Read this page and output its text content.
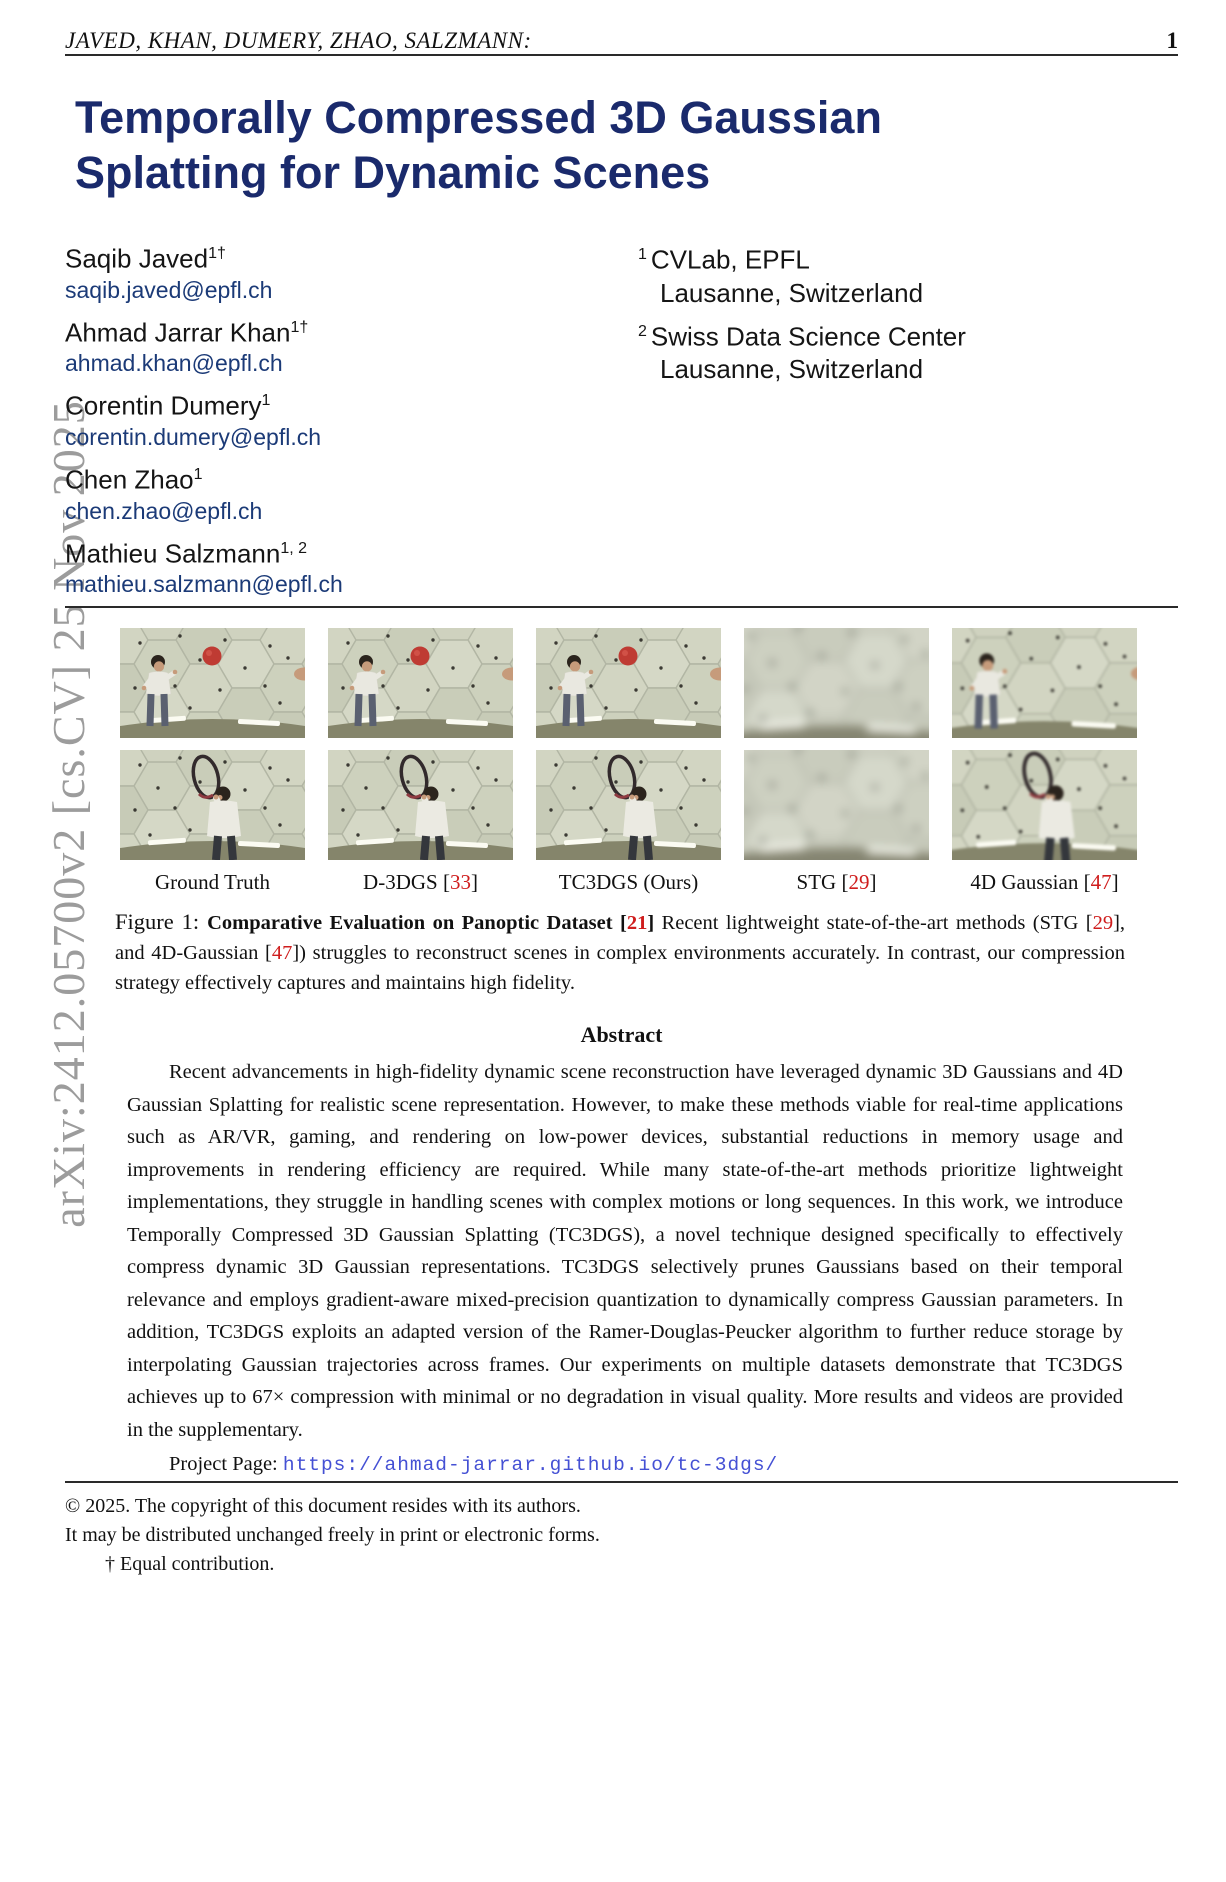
arXiv:2412.05700v2 [cs.CV] 25 Nov 2025
JAVED, KHAN, DUMERY, ZHAO, SALZMANN:	1
Temporally Compressed 3D Gaussian
Splatting for Dynamic Scenes
Saqib Javed$^{1\dagger}$
saqib.javed@epfl.ch
Ahmad Jarrar Khan$^{1\dagger}$
ahmad.khan@epfl.ch
Corentin Dumery$^1$
corentin.dumery@epfl.ch
Chen Zhao$^1$
chen.zhao@epfl.ch
Mathieu Salzmann$^{1, 2}$
mathieu.salzmann@epfl.ch
$^1$ CVLab, EPFL
Lausanne, Switzerland
$^2$ Swiss Data Science Center
Lausanne, Switzerland
Ground Truth	D-3DGS [33]	TC3DGS (Ours)	STG [29]	4D Gaussian [47]

Figure 1: Comparative Evaluation on Panoptic Dataset [21] Recent lightweight state-of-the-art methods (STG [29], and 4D-Gaussian [47]) struggles to reconstruct scenes in complex environments accurately. In contrast, our compression strategy effectively captures and maintains high fidelity.

Abstract

Recent advancements in high-fidelity dynamic scene reconstruction have leveraged dynamic 3D Gaussians and 4D Gaussian Splatting for realistic scene representation. However, to make these methods viable for real-time applications such as AR/VR, gaming, and rendering on low-power devices, substantial reductions in memory usage and improvements in rendering efficiency are required. While many state-of-the-art methods prioritize lightweight implementations, they struggle in handling scenes with complex motions or long sequences. In this work, we introduce Temporally Compressed 3D Gaussian Splatting (TC3DGS), a novel technique designed specifically to effectively compress dynamic 3D Gaussian representations. TC3DGS selectively prunes Gaussians based on their temporal relevance and employs gradient-aware mixed-precision quantization to dynamically compress Gaussian parameters. In addition, TC3DGS exploits an adapted version of the Ramer-Douglas-Peucker algorithm to further reduce storage by interpolating Gaussian trajectories across frames. Our experiments on multiple datasets demonstrate that TC3DGS achieves up to 67× compression with minimal or no degradation in visual quality. More results and videos are provided in the supplementary.

Project Page: https://ahmad-jarrar.github.io/tc-3dgs/

© 2025. The copyright of this document resides with its authors.
It may be distributed unchanged freely in print or electronic forms.
† Equal contribution.
